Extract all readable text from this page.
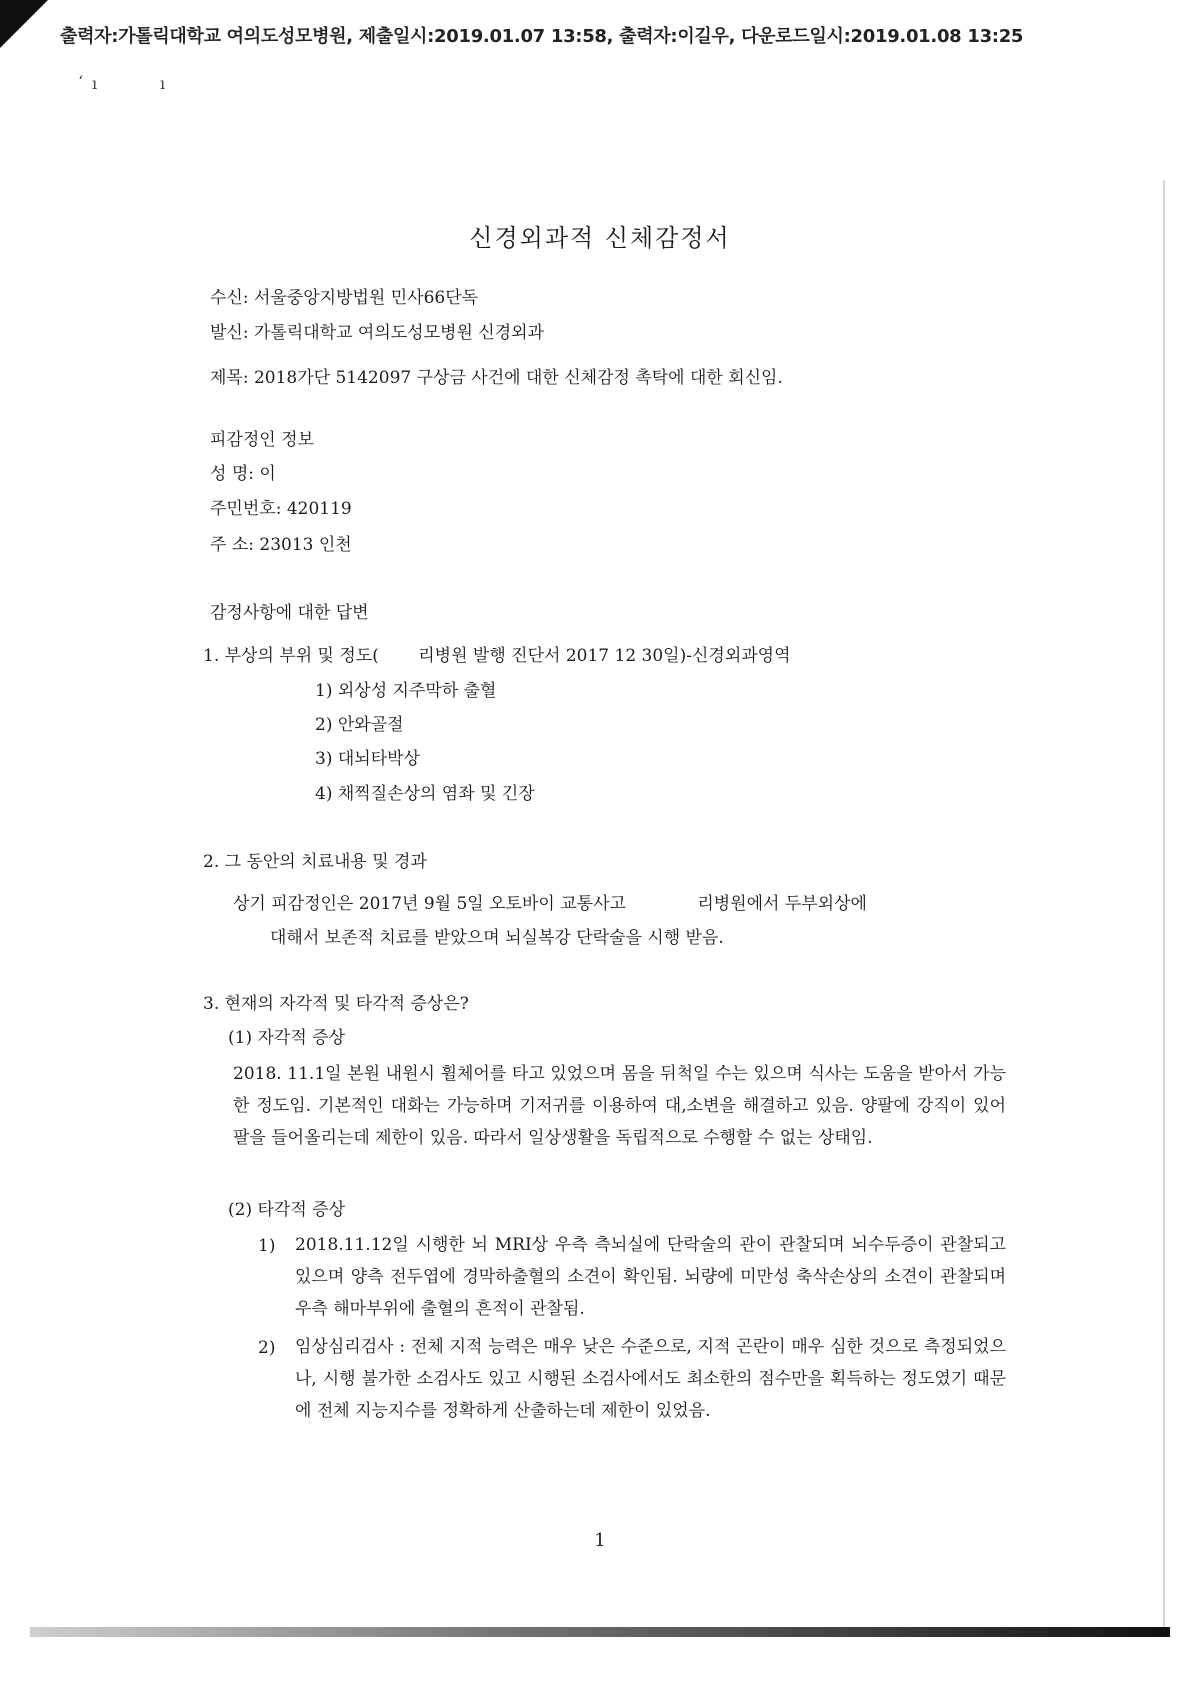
출력자:가톨릭대학교 여의도성모병원, 제출일시:2019.01.07 13:58, 출력자:이길우, 다운로드일시:2019.01.08 13:25
ʻ ı	ı
신경외과적 신체감정서
수신: 서울중앙지방법원 민사66단독
발신: 가톨릭대학교 여의도성모병원 신경외과
제목: 2018가단 5142097 구상금 사건에 대한 신체감정 촉탁에 대한 회신임.
피감정인 정보
성 명: 이
주민번호: 420119
주 소: 23013 인천
감정사항에 대한 답변
1. 부상의 부위 및 정도( 리병원 발행 진단서 2017 12 30일)-신경외과영역
1) 외상성 지주막하 출혈
2) 안와골절
3) 대뇌타박상
4) 채찍질손상의 염좌 및 긴장
2. 그 동안의 치료내용 및 경과
상기 피감정인은 2017년 9월 5일 오토바이 교통사고	리병원에서 두부외상에
대해서 보존적 치료를 받았으며 뇌실복강 단락술을 시행 받음.
3. 현재의 자각적 및 타각적 증상은?
(1) 자각적 증상
2018. 11.1일 본원 내원시 휠체어를 타고 있었으며 몸을 뒤척일 수는 있으며 식사는 도움을 받아서 가능한 정도임. 기본적인 대화는 가능하며 기저귀를 이용하여 대,소변을 해결하고 있음. 양팔에 강직이 있어 팔을 들어올리는데 제한이 있음. 따라서 일상생활을 독립적으로 수행할 수 없는 상태임.
(2) 타각적 증상
1) 2018.11.12일 시행한 뇌 MRI상 우측 측뇌실에 단락술의 관이 관찰되며 뇌수두증이 관찰되고 있으며 양측 전두엽에 경막하출혈의 소견이 확인됨. 뇌량에 미만성 축삭손상의 소견이 관찰되며 우측 해마부위에 출혈의 흔적이 관찰됨.
2) 임상심리검사 : 전체 지적 능력은 매우 낮은 수준으로, 지적 곤란이 매우 심한 것으로 측정되었으나, 시행 불가한 소검사도 있고 시행된 소검사에서도 최소한의 점수만을 획득하는 정도였기 때문에 전체 지능지수를 정확하게 산출하는데 제한이 있었음.
1
